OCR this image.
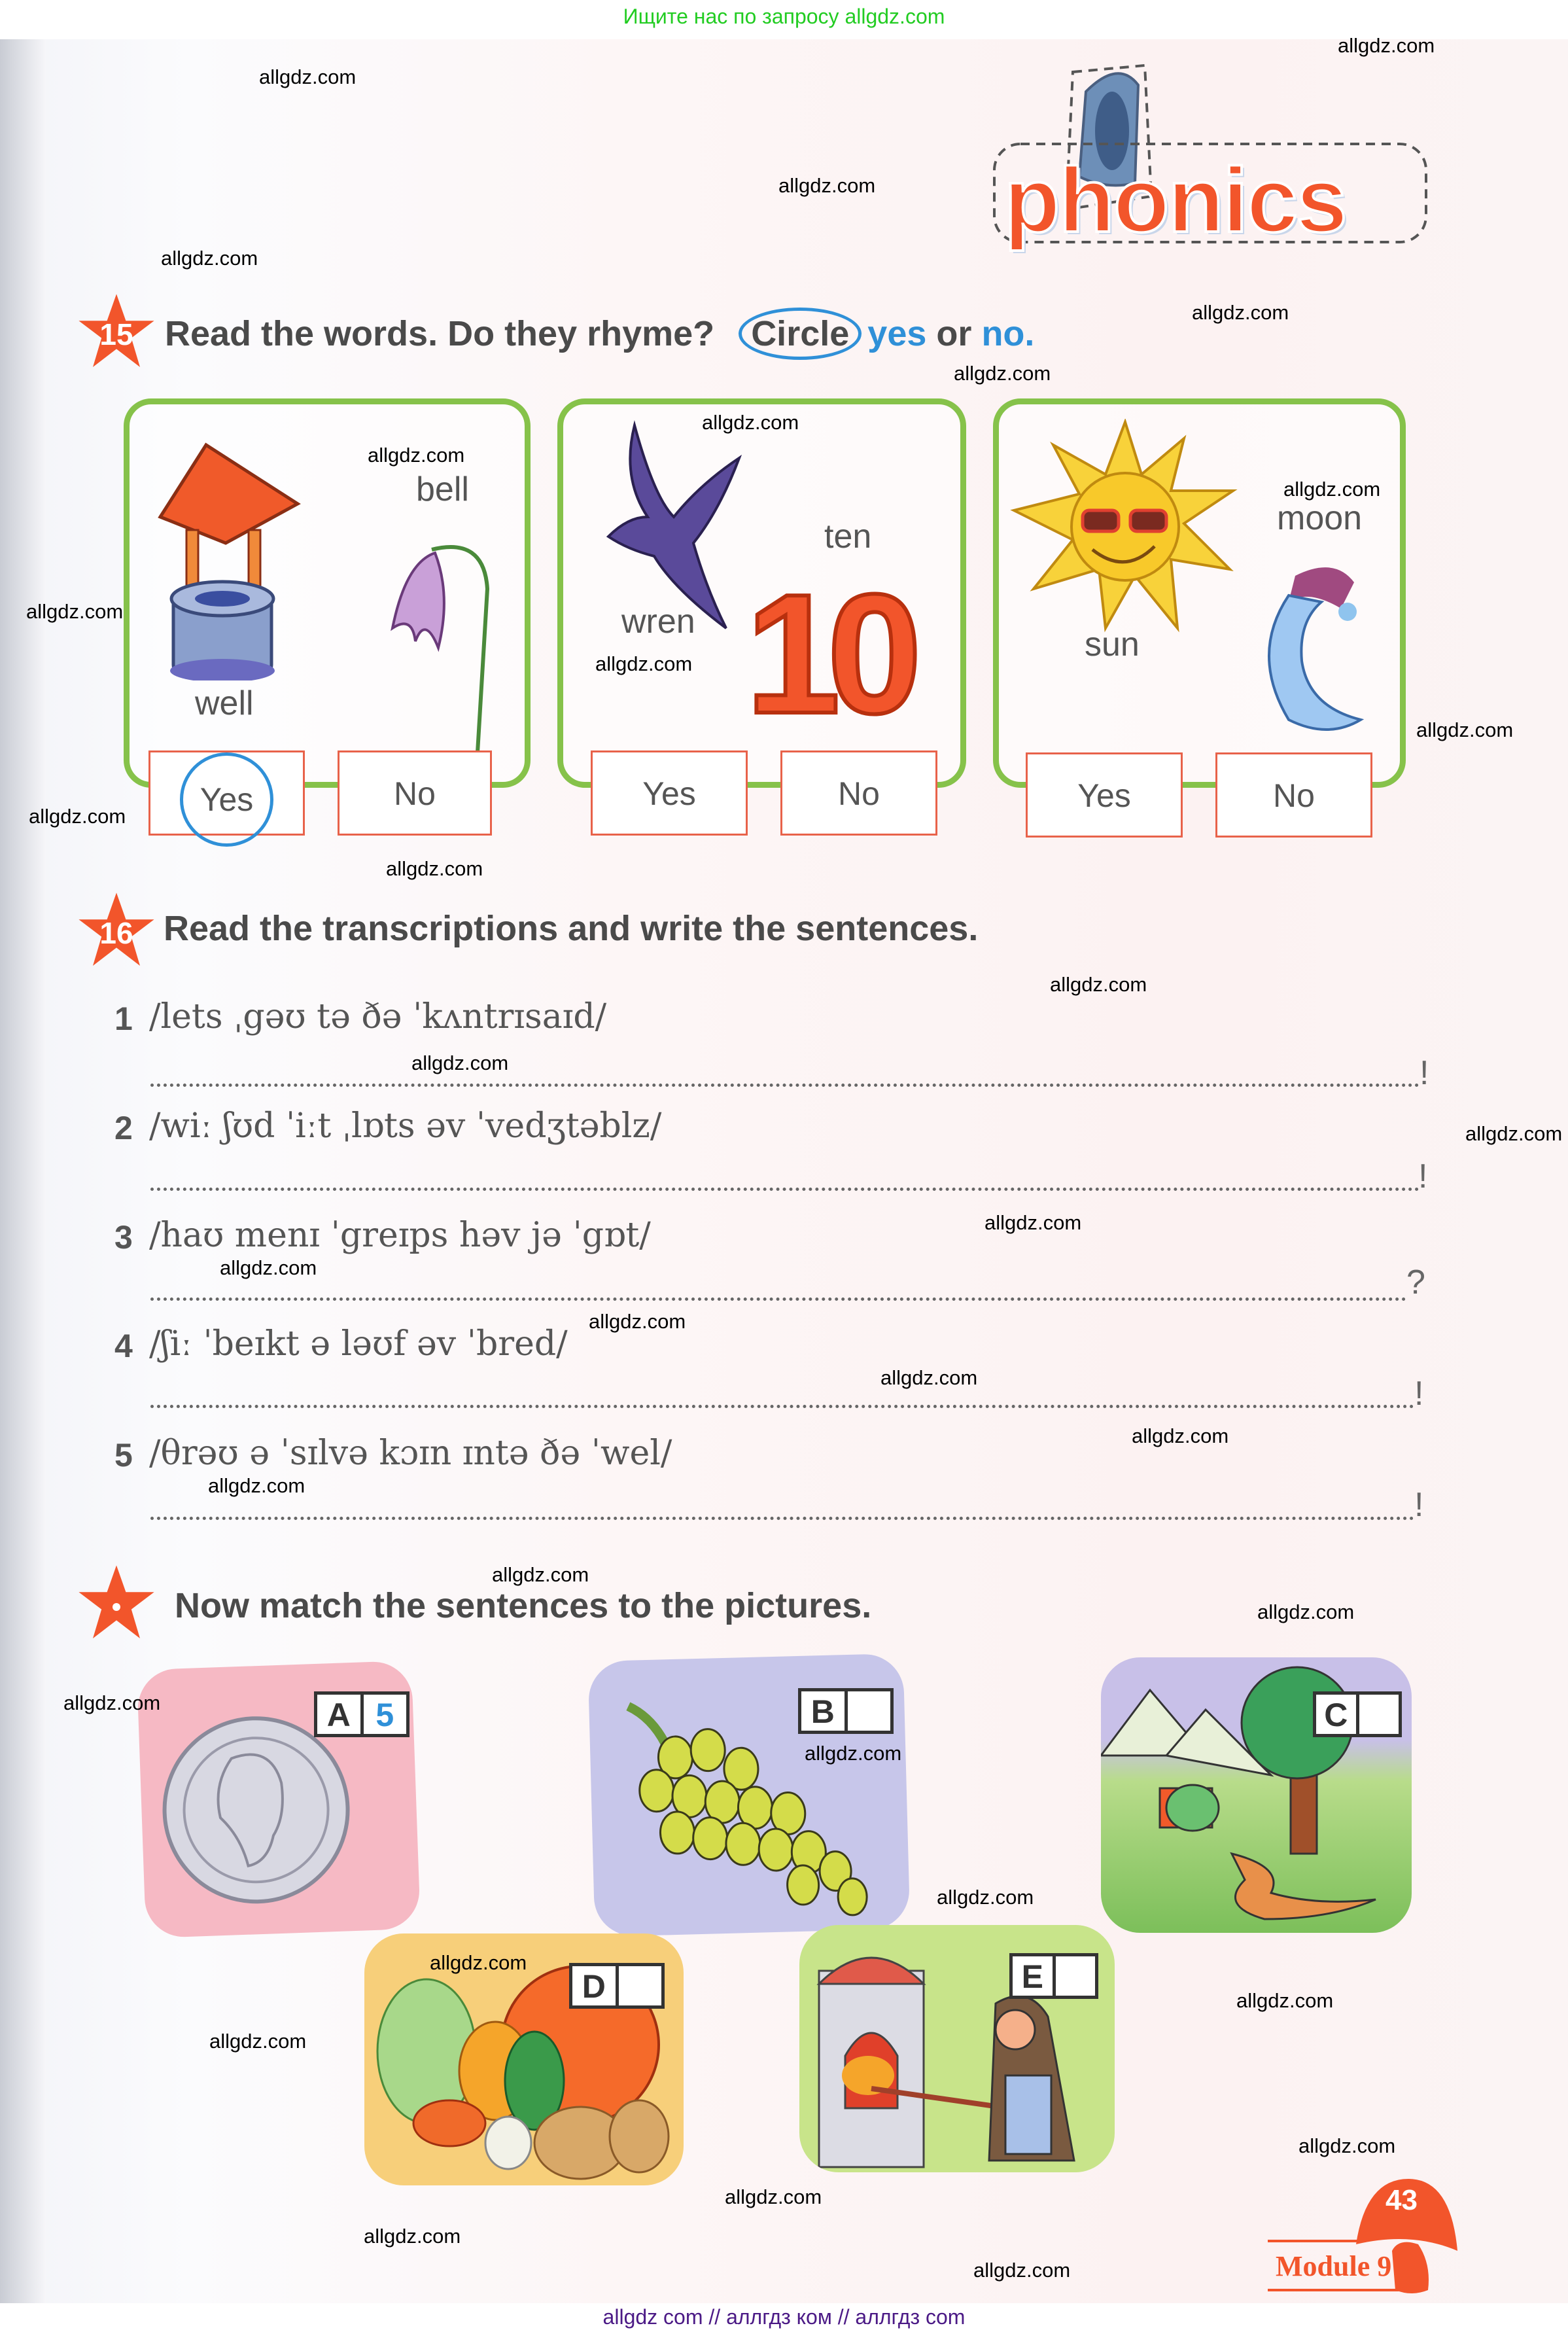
Ищите нас по запросу allgdz.com
phonics
15 Read the words. Do they rhyme? Circle yes or no.
well
bell
Yes	No
wren
ten
10
Yes	No
sun
moon
Yes	No
16 Read the transcriptions and write the sentences.
1 /lets ˌgəʊ tə ðə ˈkʌntrɪsaɪd/
!
2 /wiː ʃʊd ˈiːt ˌlɒts əv ˈvedʒtəblz/
!
3 /haʊ menɪ ˈgreɪps həv jə ˈgɒt/
?
4 /ʃiː ˈbeɪkt ə ləʊf əv ˈbred/
!
5 /θrəʊ ə ˈsɪlvə kɔɪn ɪntə ðə ˈwel/
!
Now match the sentences to the pictures.
A 5	B	C
D	E
43
Module 9
allgdz.com
allgdz.com
allgdz.com
allgdz.com
allgdz.com
allgdz.com
allgdz.com
allgdz.com
allgdz.com
allgdz.com
allgdz.com
allgdz.com
allgdz.com
allgdz.com
allgdz.com
allgdz.com
allgdz.com
allgdz.com
allgdz.com
allgdz.com
allgdz.com
allgdz.com
allgdz.com
allgdz.com
allgdz.com
allgdz.com
allgdz.com
allgdz.com
allgdz.com
allgdz.com
allgdz.com
allgdz.com
allgdz.com
allgdz.com
allgdz.com
allgdz com // аллгдз ком // аллгдз com
